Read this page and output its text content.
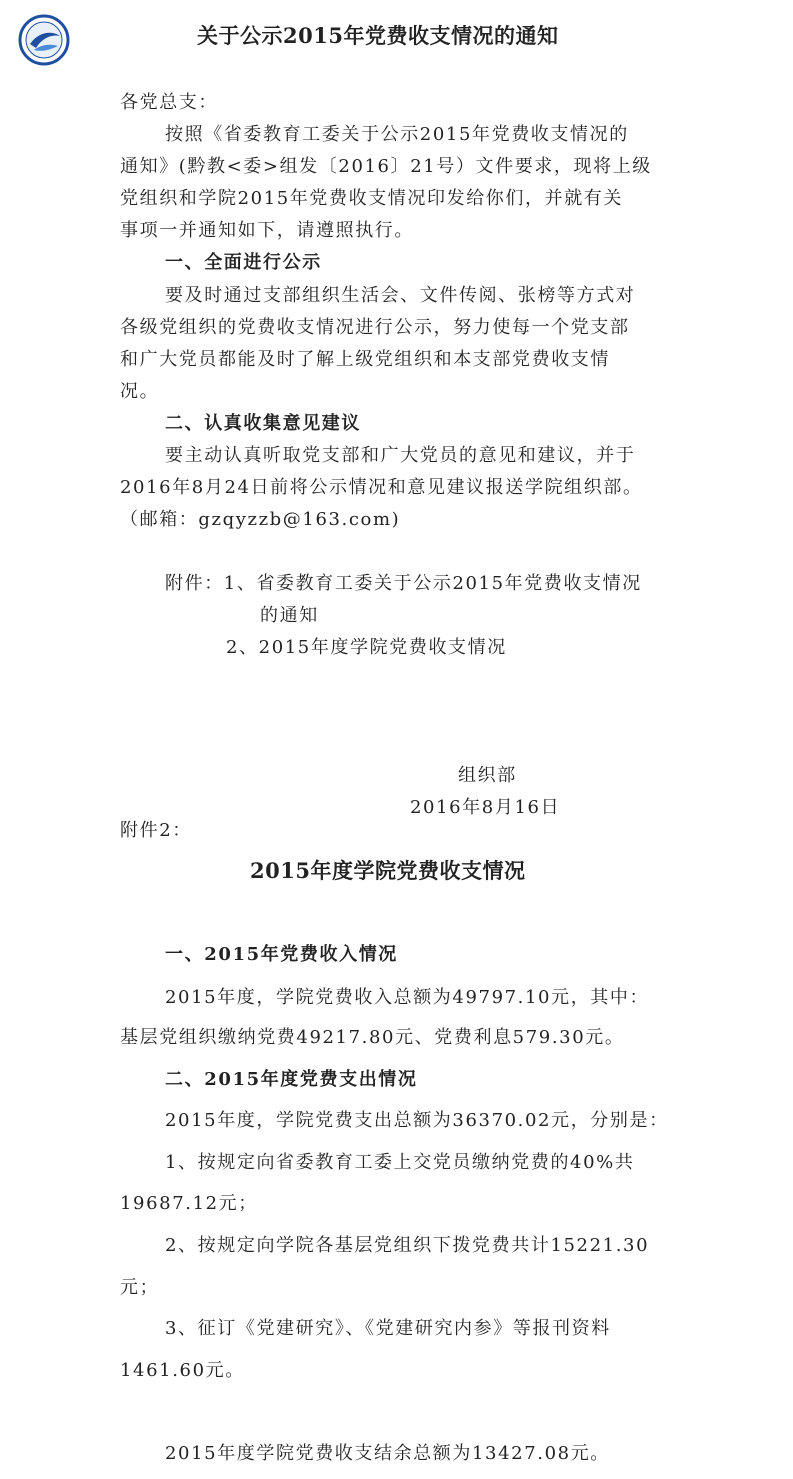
关于公示2015年党费收支情况的通知
各党总支：
按照《省委教育工委关于公示2015年党费收支情况的
通知》(黔教<委>组发〔2016〕21号）文件要求，现将上级
党组织和学院2015年党费收支情况印发给你们，并就有关
事项一并通知如下，请遵照执行。
一、全面进行公示
要及时通过支部组织生活会、文件传阅、张榜等方式对
各级党组织的党费收支情况进行公示，努力使每一个党支部
和广大党员都能及时了解上级党组织和本支部党费收支情
况。
二、认真收集意见建议
要主动认真听取党支部和广大党员的意见和建议，并于
2016年8月24日前将公示情况和意见建议报送学院组织部。
（邮箱：gzqyzzb@163.com)
附件：1、省委教育工委关于公示2015年党费收支情况
的通知
2、2015年度学院党费收支情况
组织部
2016年8月16日
附件2：
2015年度学院党费收支情况
一、2015年党费收入情况
2015年度，学院党费收入总额为49797.10元，其中：
基层党组织缴纳党费49217.80元、党费利息579.30元。
二、2015年度党费支出情况
2015年度，学院党费支出总额为36370.02元，分别是：
1、按规定向省委教育工委上交党员缴纳党费的40%共
19687.12元；
2、按规定向学院各基层党组织下拨党费共计15221.30
元；
3、征订《党建研究》、《党建研究内参》等报刊资料
1461.60元。
2015年度学院党费收支结余总额为13427.08元。
